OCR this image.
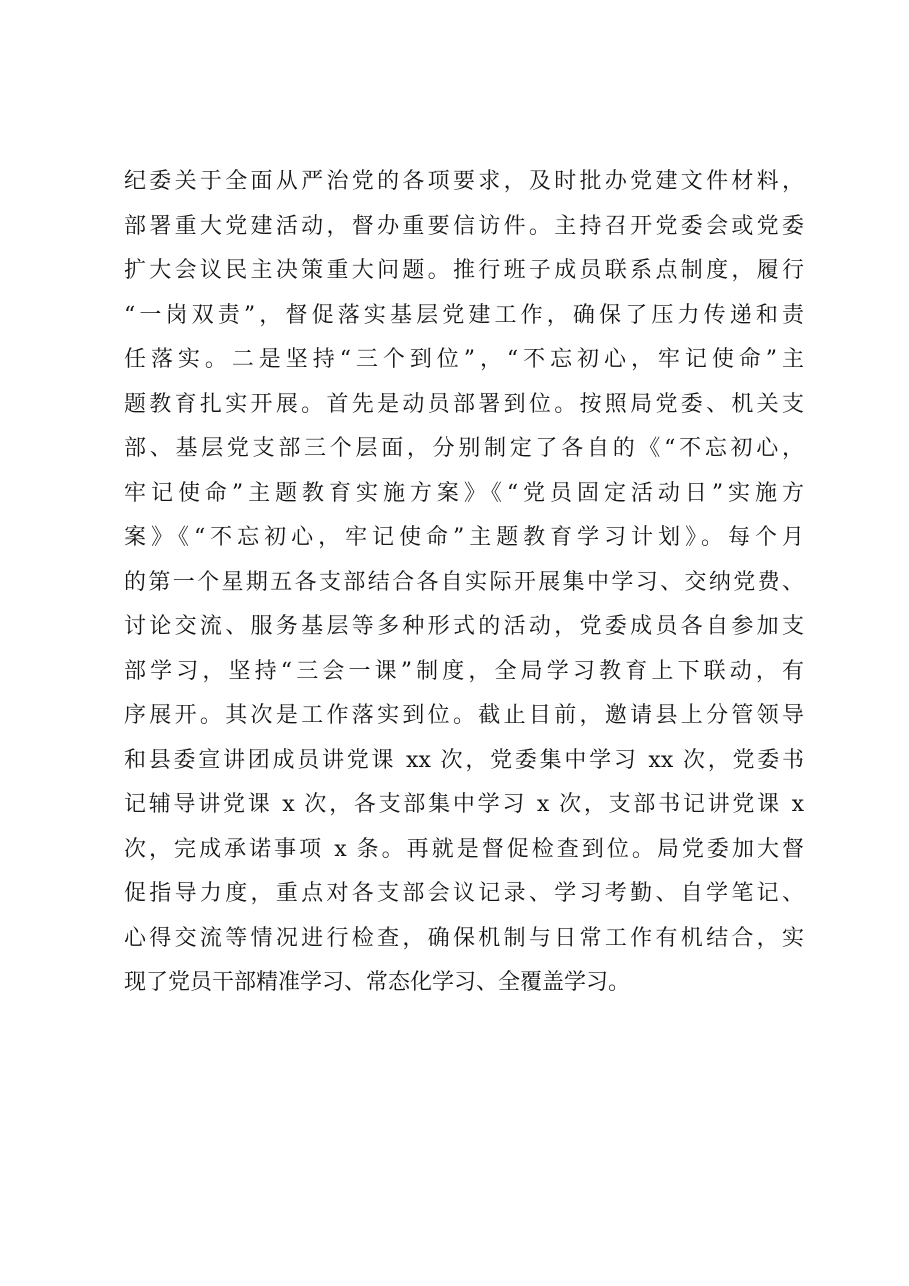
纪委关于全面从严治党的各项要求，及时批办党建文件材料，
部署重大党建活动，督办重要信访件。主持召开党委会或党委
扩大会议民主决策重大问题。推行班子成员联系点制度，履行
“一岗双责”，督促落实基层党建工作，确保了压力传递和责
任落实。二是坚持“三个到位”，“不忘初心，牢记使命”主
题教育扎实开展。首先是动员部署到位。按照局党委、机关支
部、基层党支部三个层面，分别制定了各自的《“不忘初心，
牢记使命”主题教育实施方案》《“党员固定活动日”实施方
案》《“不忘初心，牢记使命”主题教育学习计划》。每个月
的第一个星期五各支部结合各自实际开展集中学习、交纳党费、
讨论交流、服务基层等多种形式的活动，党委成员各自参加支
部学习，坚持“三会一课”制度，全局学习教育上下联动，有
序展开。其次是工作落实到位。截止目前，邀请县上分管领导
和县委宣讲团成员讲党课 xx 次，党委集中学习 xx 次，党委书
记辅导讲党课 x 次，各支部集中学习 x 次，支部书记讲党课 x
次，完成承诺事项 x 条。再就是督促检查到位。局党委加大督
促指导力度，重点对各支部会议记录、学习考勤、自学笔记、
心得交流等情况进行检查，确保机制与日常工作有机结合，实
现了党员干部精准学习、常态化学习、全覆盖学习。
